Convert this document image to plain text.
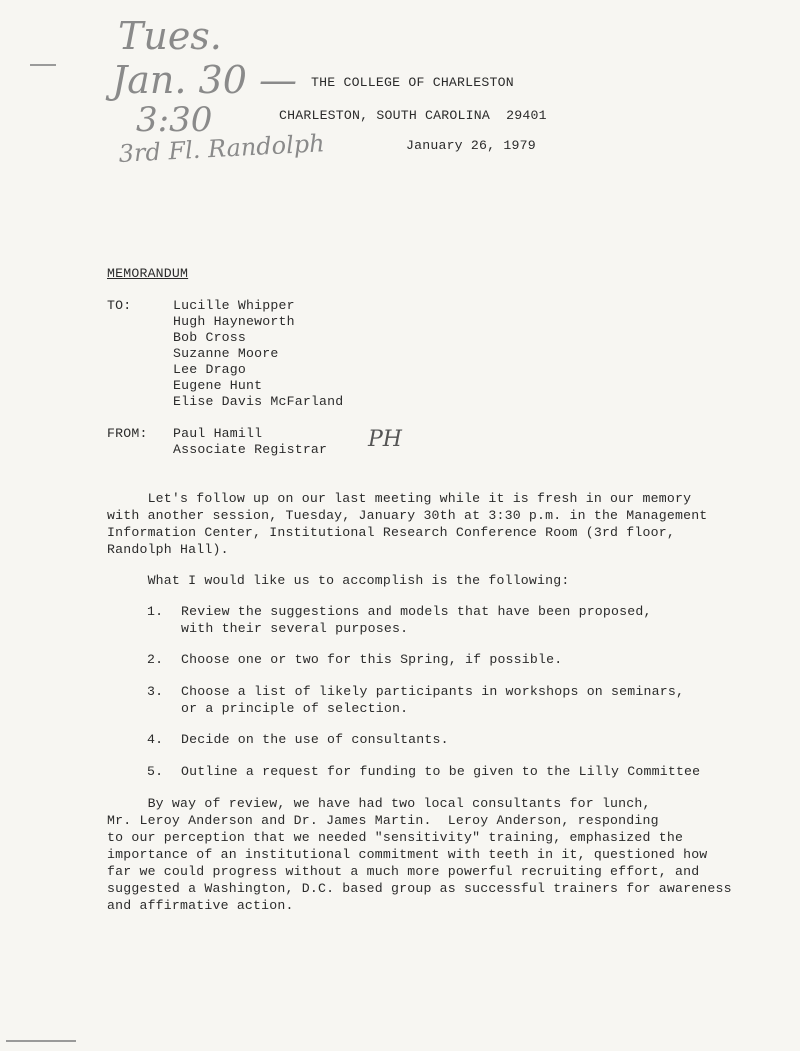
Tues.
Jan. 30 —
3:30
3rd Fl. Randolph
THE COLLEGE OF CHARLESTON
CHARLESTON, SOUTH CAROLINA  29401
January 26, 1979
MEMORANDUM
TO:	Lucille Whipper
Hugh Hayneworth
Bob Cross
Suzanne Moore
Lee Drago
Eugene Hunt
Elise Davis McFarland
FROM: Paul Hamill
Associate Registrar PH
Let's follow up on our last meeting while it is fresh in our memory
with another session, Tuesday, January 30th at 3:30 p.m. in the Management
Information Center, Institutional Research Conference Room (3rd floor,
Randolph Hall).
What I would like us to accomplish is the following:
1. Review the suggestions and models that have been proposed,
with their several purposes.
2. Choose one or two for this Spring, if possible.
3. Choose a list of likely participants in workshops on seminars,
or a principle of selection.
4. Decide on the use of consultants.
5. Outline a request for funding to be given to the Lilly Committee
By way of review, we have had two local consultants for lunch,
Mr. Leroy Anderson and Dr. James Martin.  Leroy Anderson, responding
to our perception that we needed "sensitivity" training, emphasized the
importance of an institutional commitment with teeth in it, questioned how
far we could progress without a much more powerful recruiting effort, and
suggested a Washington, D.C. based group as successful trainers for awareness
and affirmative action.
